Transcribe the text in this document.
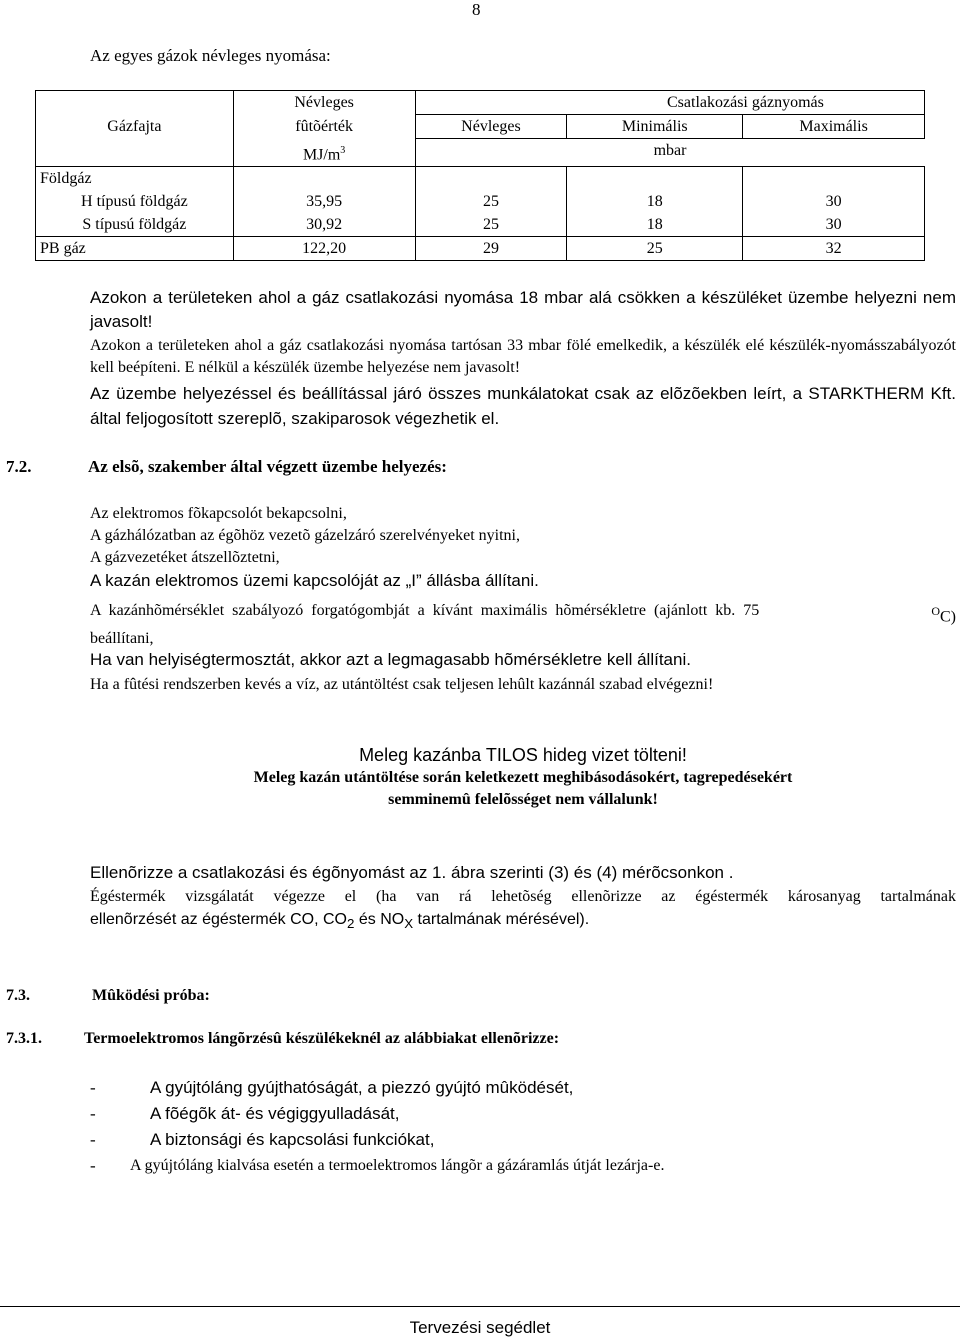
8
Az egyes gázok névleges nyomása:
	Névleges		Csatlakozási gáznyomás	
Gázfajta	fûtõérték	Névleges	Minimális	Maximális
	$MJ/m^3$	mbar		
Földgáz				
H típusú földgáz	35,95	25	18	30
S típusú földgáz	30,92	25	18	30
PB gáz	122,20	29	25	32
Azokon a területeken ahol a gáz csatlakozási nyomása 18 mbar alá csökken a készüléket üzembe helyezni nem javasolt!
Azokon a területeken ahol a gáz csatlakozási nyomása tartósan 33 mbar fölé emelkedik, a készülék elé készülék-nyomásszabályozót kell beépíteni. E nélkül a készülék üzembe helyezése nem javasolt!
Az üzembe helyezéssel és beállítással járó összes munkálatokat csak az elõzõekben leírt, a STARKTHERM Kft. által feljogosított szereplõ, szakiparosok végezhetik el.
7.2.	Az elsõ, szakember által végzett üzembe helyezés:
Az elektromos fõkapcsolót bekapcsolni,
A gázhálózatban az égõhöz vezetõ gázelzáró szerelvényeket nyitni,
A gázvezetéket átszellõztetni,
A kazán elektromos üzemi kapcsolóját az „I” állásba állítani.
A kazánhõmérséklet szabályozó forgatógombját a kívánt maximális hõmérsékletre (ajánlott kb. 75	$^O$C)
beállítani,
Ha van helyiségtermosztát, akkor azt a legmagasabb hõmérsékletre kell állítani.
Ha a fûtési rendszerben kevés a víz, az utántöltést csak teljesen lehûlt kazánnál szabad elvégezni!
Meleg kazánba TILOS hideg vizet tölteni!
Meleg kazán utántöltése során keletkezett meghibásodásokért, tagrepedésekért
semminemû felelõsséget nem vállalunk!
Ellenõrizze a csatlakozási és égõnyomást az 1. ábra szerinti (3) és (4) mérõcsonkon .
Égéstermék vizsgálatát végezze el (ha van rá lehetõség ellenõrizze az égéstermék károsanyag tartalmának
ellenõrzését az égéstermék CO, $CO_2$ és $NO_X$ tartalmának mérésével).
7.3.	Mûködési próba:
7.3.1.	Termoelektromos lángõrzésû készülékeknél az alábbiakat ellenõrizze:
-	A gyújtóláng gyújthatóságát, a piezzó gyújtó mûködését,
-	A fõégõk át- és végiggyulladását,
-	A biztonsági és kapcsolási funkciókat,
- A gyújtóláng kialvása esetén a termoelektromos lángõr a gázáramlás útját lezárja-e.
Tervezési segédlet
